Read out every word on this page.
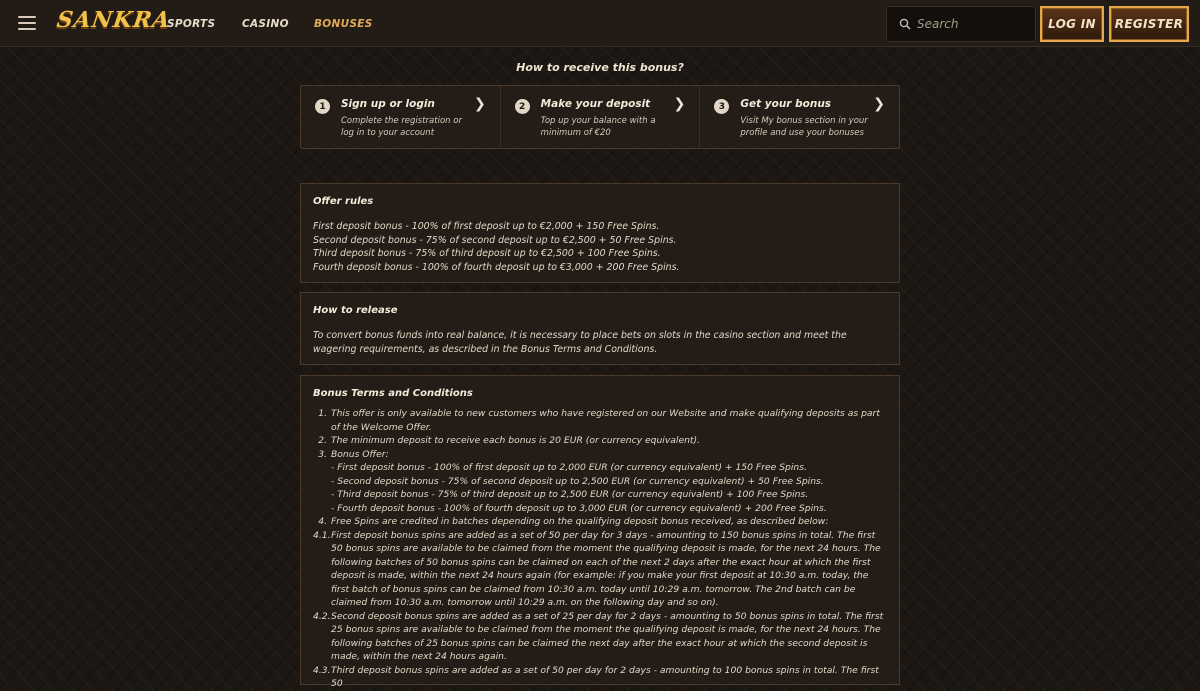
SANKRA
SPORTS	CASINO BONUSES
Search	LOG IN	REGISTER
How to receive this bonus?
1	Sign up or login

Complete the registration or log in to your account

❯	2	Make your deposit

Top up your balance with a minimum of €20

❯	3	Get your bonus

Visit My bonus section in your profile and use your bonuses

❯
Offer rules
First deposit bonus - 100% of first deposit up to €2,000 + 150 Free Spins.
Second deposit bonus - 75% of second deposit up to €2,500 + 50 Free Spins.
Third deposit bonus - 75% of third deposit up to €2,500 + 100 Free Spins.
Fourth deposit bonus - 100% of fourth deposit up to €3,000 + 200 Free Spins.
How to release
To convert bonus funds into real balance, it is necessary to place bets on slots in the casino section and meet the wagering requirements, as described in the Bonus Terms and Conditions.
Bonus Terms and Conditions
1. This offer is only available to new customers who have registered on our Website and make qualifying deposits as part of the Welcome Offer.
2. The minimum deposit to receive each bonus is 20 EUR (or currency equivalent).
3. Bonus Offer:
- First deposit bonus - 100% of first deposit up to 2,000 EUR (or currency equivalent) + 150 Free Spins.
- Second deposit bonus - 75% of second deposit up to 2,500 EUR (or currency equivalent) + 50 Free Spins.
- Third deposit bonus - 75% of third deposit up to 2,500 EUR (or currency equivalent) + 100 Free Spins.
- Fourth deposit bonus - 100% of fourth deposit up to 3,000 EUR (or currency equivalent) + 200 Free Spins.
4. Free Spins are credited in batches depending on the qualifying deposit bonus received, as described below:
4.1. First deposit bonus spins are added as a set of 50 per day for 3 days - amounting to 150 bonus spins in total. The first 50 bonus spins are available to be claimed from the moment the qualifying deposit is made, for the next 24 hours. The following batches of 50 bonus spins can be claimed on each of the next 2 days after the exact hour at which the first deposit is made, within the next 24 hours again (for example: if you make your first deposit at 10:30 a.m. today, the first batch of bonus spins can be claimed from 10:30 a.m. today until 10:29 a.m. tomorrow. The 2nd batch can be claimed from 10:30 a.m. tomorrow until 10:29 a.m. on the following day and so on).
4.2. Second deposit bonus spins are added as a set of 25 per day for 2 days - amounting to 50 bonus spins in total. The first 25 bonus spins are available to be claimed from the moment the qualifying deposit is made, for the next 24 hours. The following batches of 25 bonus spins can be claimed the next day after the exact hour at which the second deposit is made, within the next 24 hours again.
4.3. Third deposit bonus spins are added as a set of 50 per day for 2 days - amounting to 100 bonus spins in total. The first 50
